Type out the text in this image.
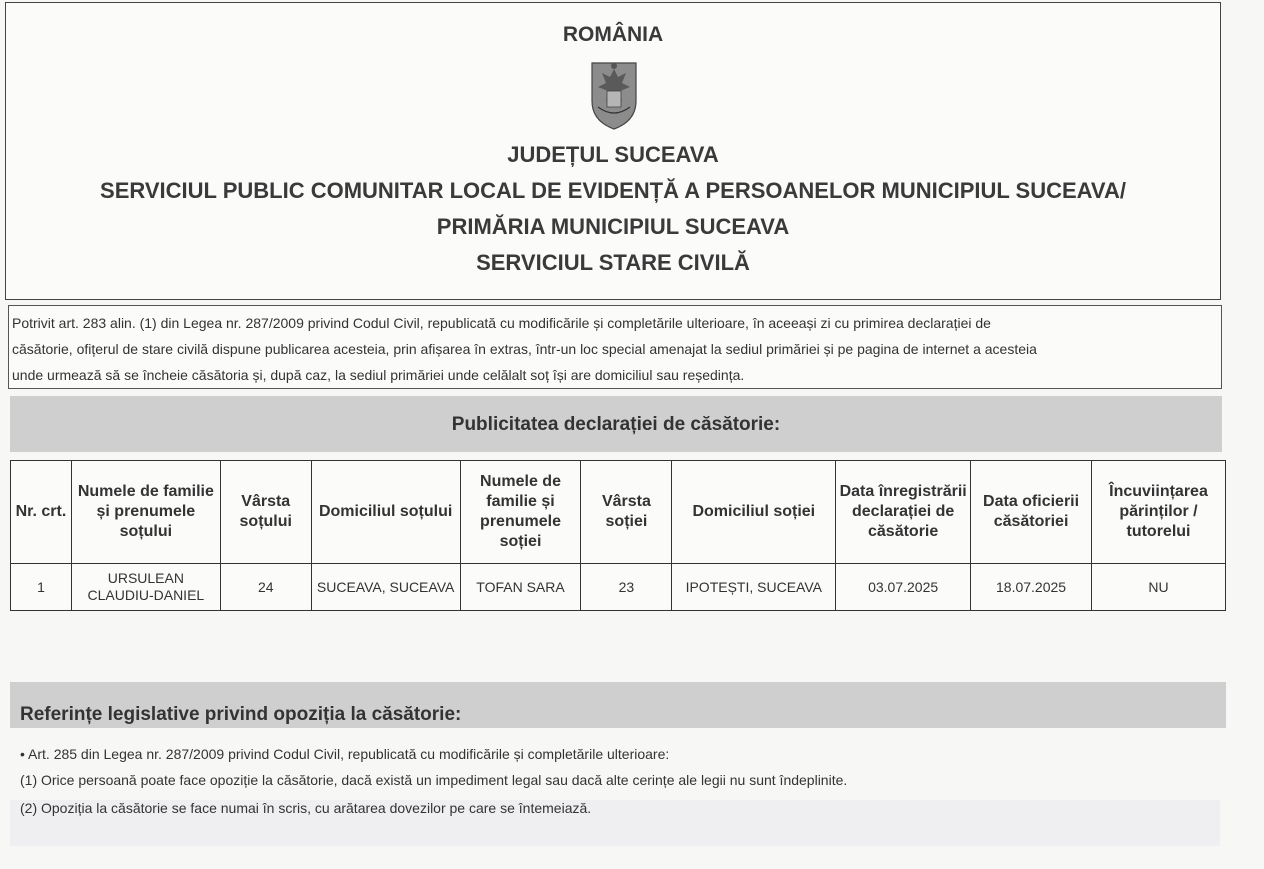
ROMÂNIA
JUDEȚUL SUCEAVA
SERVICIUL PUBLIC COMUNITAR LOCAL DE EVIDENȚĂ A PERSOANELOR MUNICIPIUL SUCEAVA/
PRIMĂRIA MUNICIPIUL SUCEAVA
SERVICIUL STARE CIVILĂ
Potrivit art. 283 alin. (1) din Legea nr. 287/2009 privind Codul Civil, republicată cu modificările și completările ulterioare, în aceeași zi cu primirea declarației de
căsătorie, ofițerul de stare civilă dispune publicarea acesteia, prin afișarea în extras, într-un loc special amenajat la sediul primăriei și pe pagina de internet a acesteia
unde urmează să se încheie căsătoria și, după caz, la sediul primăriei unde celălalt soț își are domiciliul sau reședința.
Publicitatea declarației de căsătorie:
Nr. crt.	Numele de familie și prenumele soțului	Vârsta soțului	Domiciliul soțului	Numele de familie și prenumele soției	Vârsta soției	Domiciliul soției	Data înregistrării declarației de căsătorie	Data oficierii căsătoriei	Încuviințarea părinților / tutorelui
1	URSULEAN CLAUDIU-DANIEL	24	SUCEAVA, SUCEAVA	TOFAN SARA	23	IPOTEȘTI, SUCEAVA	03.07.2025	18.07.2025	NU
Referințe legislative privind opoziția la căsătorie:
• Art. 285 din Legea nr. 287/2009 privind Codul Civil, republicată cu modificările și completările ulterioare:
(1) Orice persoană poate face opoziție la căsătorie, dacă există un impediment legal sau dacă alte cerințe ale legii nu sunt îndeplinite.
(2) Opoziția la căsătorie se face numai în scris, cu arătarea dovezilor pe care se întemeiază.
